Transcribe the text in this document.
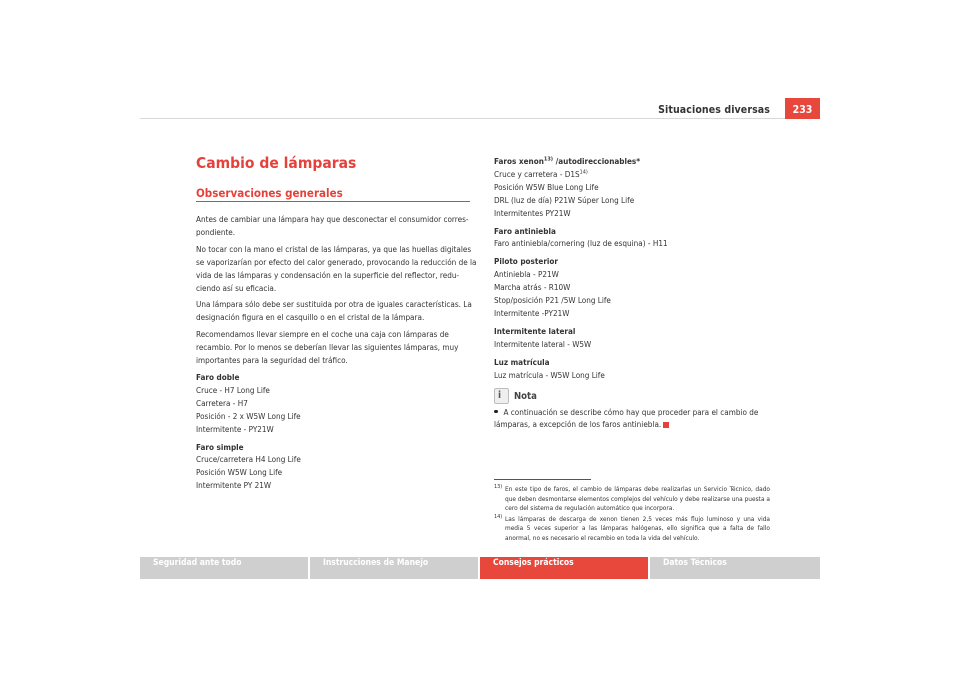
Situaciones diversas	233
Cambio de lámparas
Observaciones generales

Antes de cambiar una lámpara hay que desconectar el consumidor corres-
pondiente.

No tocar con la mano el cristal de las lámparas, ya que las huellas digitales
se vaporizarían por efecto del calor generado, provocando la reducción de la
vida de las lámparas y condensación en la superficie del reflector, redu-
ciendo así su eficacia.

Una lámpara sólo debe ser sustituida por otra de iguales características. La
designación figura en el casquillo o en el cristal de la lámpara.

Recomendamos llevar siempre en el coche una caja con lámparas de
recambio. Por lo menos se deberían llevar las siguientes lámparas, muy
importantes para la seguridad del tráfico.

Faro doble
Cruce - H7 Long Life
Carretera - H7
Posición - 2 x W5W Long Life
Intermitente - PY21W
Faro simple
Cruce/carretera H4 Long Life
Posición W5W Long Life
Intermitente PY 21W
Faros xenon$^{13)}$ /autodireccionables*
Cruce y carretera - $D1S^{14)}$
Posición W5W Blue Long Life
DRL (luz de día) P21W Súper Long Life
Intermitentes PY21W
Faro antiniebla
Faro antiniebla/cornering (luz de esquina) - H11
Piloto posterior
Antiniebla - P21W
Marcha atrás - R10W
Stop/posición P21 /5W Long Life
Intermitente -PY21W
Intermitente lateral
Intermitente lateral - W5W
Luz matrícula
Luz matrícula - W5W Long Life
i Nota
A continuación se describe cómo hay que proceder para el cambio de
lámparas, a excepción de los faros antiniebla.
13) En este tipo de faros, el cambio de lámparas debe realizarlas un Servicio Técnico, dado que deben desmontarse elementos complejos del vehículo y debe realizarse una puesta a cero del sistema de regulación automático que incorpora.
14) Las lámparas de descarga de xenon tienen 2,5 veces más flujo luminoso y una vida media 5 veces superior a las lámparas halógenas, ello significa que a falta de fallo anormal, no es necesario el recambio en toda la vida del vehículo.
Seguridad ante todo	Instrucciones de Manejo	Consejos prácticos	Datos Técnicos
